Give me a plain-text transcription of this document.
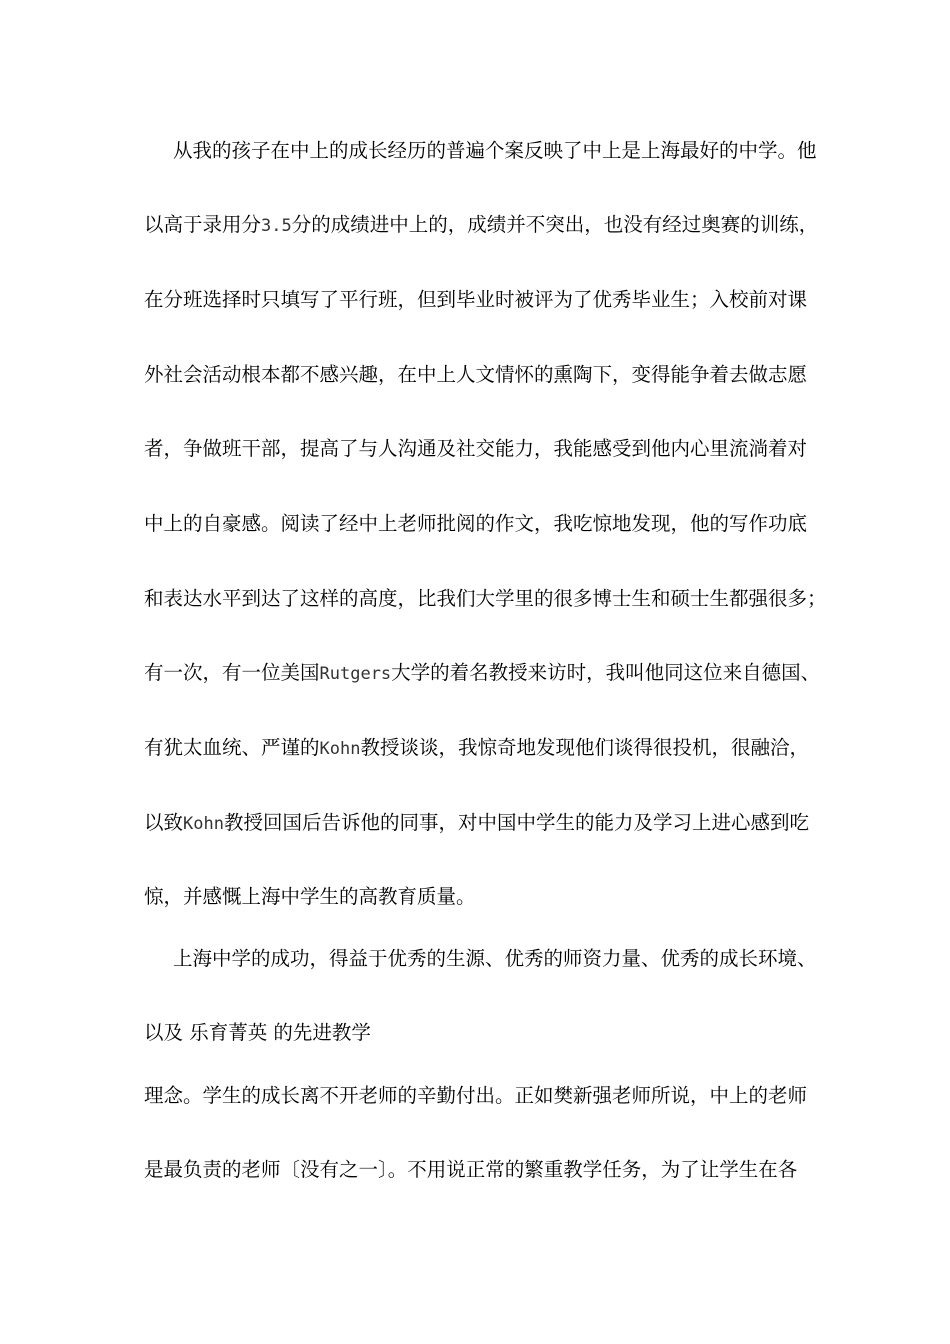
从我的孩子在中上的成长经历的普遍个案反映了中上是上海最好的中学。他
以高于录用分3.5分的成绩进中上的，成绩并不突出，也没有经过奥赛的训练，
在分班选择时只填写了平行班，但到毕业时被评为了优秀毕业生；入校前对课
外社会活动根本都不感兴趣，在中上人文情怀的熏陶下，变得能争着去做志愿
者，争做班干部，提高了与人沟通及社交能力，我能感受到他内心里流淌着对
中上的自豪感。阅读了经中上老师批阅的作文，我吃惊地发现，他的写作功底
和表达水平到达了这样的高度，比我们大学里的很多博士生和硕士生都强很多；
有一次，有一位美国Rutgers大学的着名教授来访时，我叫他同这位来自德国、
有犹太血统、严谨的Kohn教授谈谈，我惊奇地发现他们谈得很投机，很融洽，
以致Kohn教授回国后告诉他的同事，对中国中学生的能力及学习上进心感到吃
惊，并感慨上海中学生的高教育质量。
上海中学的成功，得益于优秀的生源、优秀的师资力量、优秀的成长环境、
以及 乐育菁英 的先进教学
理念。学生的成长离不开老师的辛勤付出。正如樊新强老师所说，中上的老师
是最负责的老师〔没有之一〕。不用说正常的繁重教学任务，为了让学生在各
